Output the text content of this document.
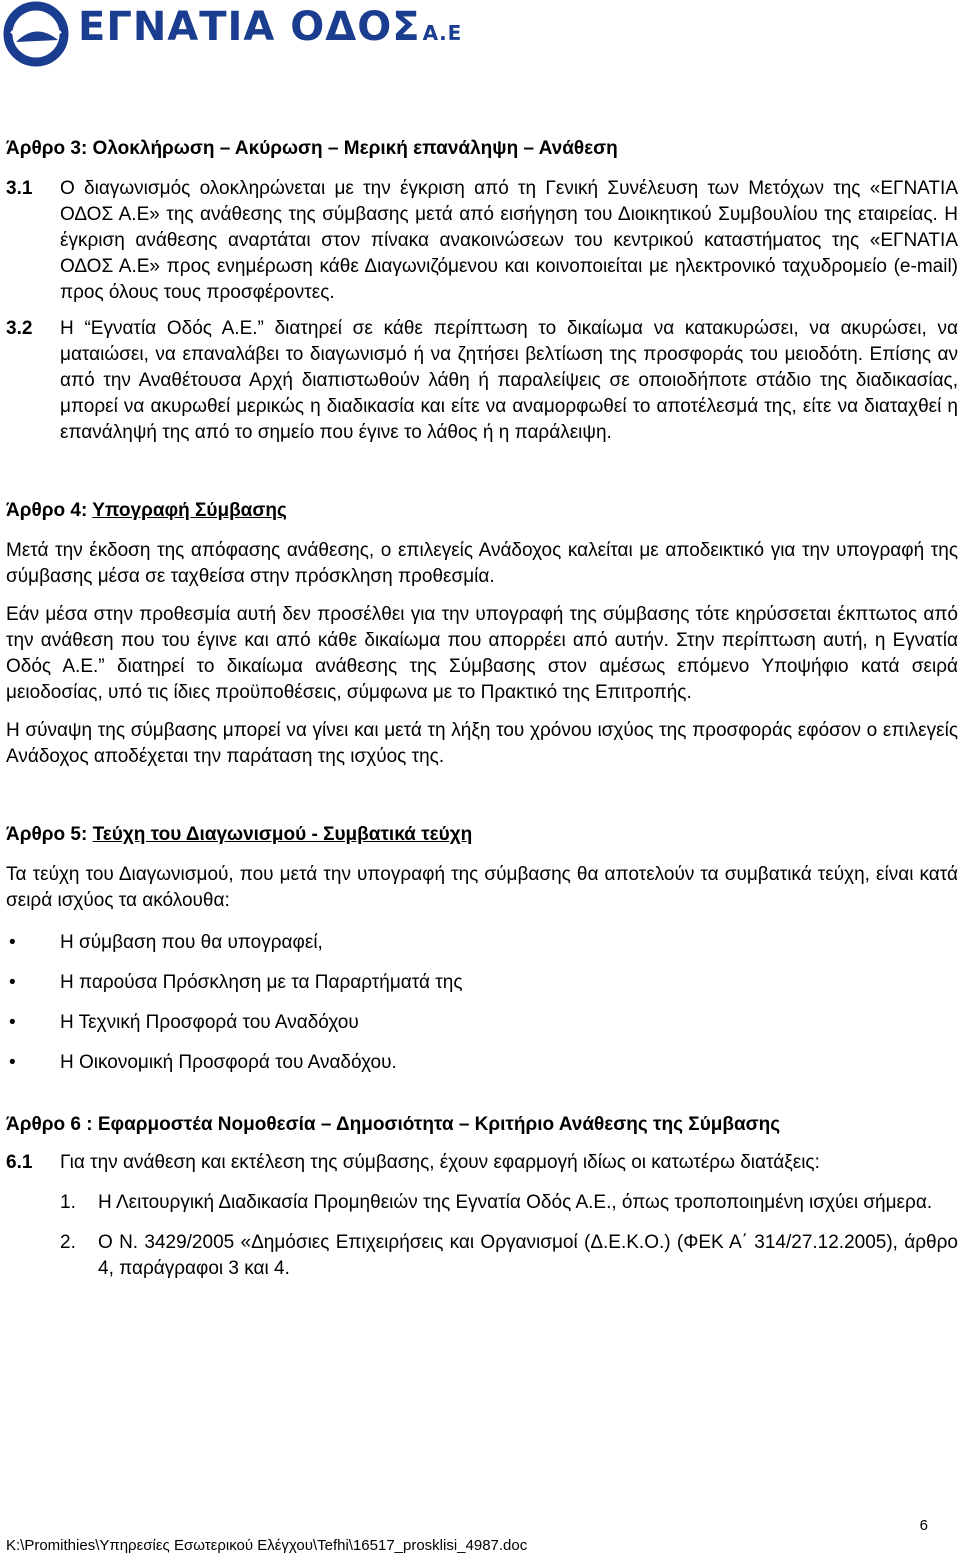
ΕΓΝΑΤΙΑ ΟΔΟΣ Α.Ε
Άρθρο 3: Ολοκλήρωση – Ακύρωση – Μερική επανάληψη – Ανάθεση
3.1	Ο διαγωνισμός ολοκληρώνεται με την έγκριση από τη Γενική Συνέλευση των Μετόχων της «ΕΓΝΑΤΙΑ ΟΔΟΣ Α.Ε» της ανάθεσης της σύμβασης μετά από εισήγηση του Διοικητικού Συμβουλίου της εταιρείας. Η έγκριση ανάθεσης αναρτάται στον πίνακα ανακοινώσεων του κεντρικού καταστήματος της «ΕΓΝΑΤΙΑ ΟΔΟΣ Α.Ε» προς ενημέρωση κάθε Διαγωνιζόμενου και κοινοποιείται με ηλεκτρονικό ταχυδρομείο (e-mail) προς όλους τους προσφέροντες.
3.2	Η “Εγνατία Οδός Α.Ε.” διατηρεί σε κάθε περίπτωση το δικαίωμα να κατακυρώσει, να ακυρώσει, να ματαιώσει, να επαναλάβει το διαγωνισμό ή να ζητήσει βελτίωση της προσφοράς του μειοδότη. Επίσης αν από την Αναθέτουσα Αρχή διαπιστωθούν λάθη ή παραλείψεις σε οποιοδήποτε στάδιο της διαδικασίας, μπορεί να ακυρωθεί μερικώς η διαδικασία και είτε να αναμορφωθεί το αποτέλεσμά της, είτε να διαταχθεί η επανάληψή της από το σημείο που έγινε το λάθος ή η παράλειψη.
Άρθρο 4: Υπογραφή Σύμβασης

Μετά την έκδοση της απόφασης ανάθεσης, ο επιλεγείς Ανάδοχος καλείται με αποδεικτικό για την υπογραφή της σύμβασης μέσα σε ταχθείσα στην πρόσκληση προθεσμία.

Εάν μέσα στην προθεσμία αυτή δεν προσέλθει για την υπογραφή της σύμβασης τότε κηρύσσεται έκπτωτος από την ανάθεση που του έγινε και από κάθε δικαίωμα που απορρέει από αυτήν. Στην περίπτωση αυτή, η Εγνατία Οδός Α.Ε.” διατηρεί το δικαίωμα ανάθεσης της Σύμβασης στον αμέσως επόμενο Υποψήφιο κατά σειρά μειοδοσίας, υπό τις ίδιες προϋποθέσεις, σύμφωνα με το Πρακτικό της Επιτροπής.

Η σύναψη της σύμβασης μπορεί να γίνει και μετά τη λήξη του χρόνου ισχύος της προσφοράς εφόσον ο επιλεγείς Ανάδοχος αποδέχεται την παράταση της ισχύος της.

Άρθρο 5: Τεύχη του Διαγωνισμού - Συμβατικά τεύχη

Τα τεύχη του Διαγωνισμού, που μετά την υπογραφή της σύμβασης θα αποτελούν τα συμβατικά τεύχη, είναι κατά σειρά ισχύος τα ακόλουθα:

•	Η σύμβαση που θα υπογραφεί,
•	Η παρούσα Πρόσκληση με τα Παραρτήματά της
•	Η Τεχνική Προσφορά του Αναδόχου
•	Η Οικονομική Προσφορά του Αναδόχου.
Άρθρο 6 : Εφαρμοστέα Νομοθεσία – Δημοσιότητα – Κριτήριο Ανάθεσης της Σύμβασης
6.1	Για την ανάθεση και εκτέλεση της σύμβασης, έχουν εφαρμογή ιδίως οι κατωτέρω διατάξεις:
1.	Η Λειτουργική Διαδικασία Προμηθειών της Εγνατία Οδός Α.Ε., όπως τροποποιημένη ισχύει σήμερα.
2.	Ο Ν. 3429/2005 «Δημόσιες Επιχειρήσεις και Οργανισμοί (Δ.Ε.Κ.Ο.) (ΦΕΚ Α΄ 314/27.12.2005), άρθρο 4, παράγραφοι 3 και 4.
6
K:\Promithies\Υπηρεσίες Εσωτερικού Ελέγχου\Tefhi\16517_prosklisi_4987.doc
